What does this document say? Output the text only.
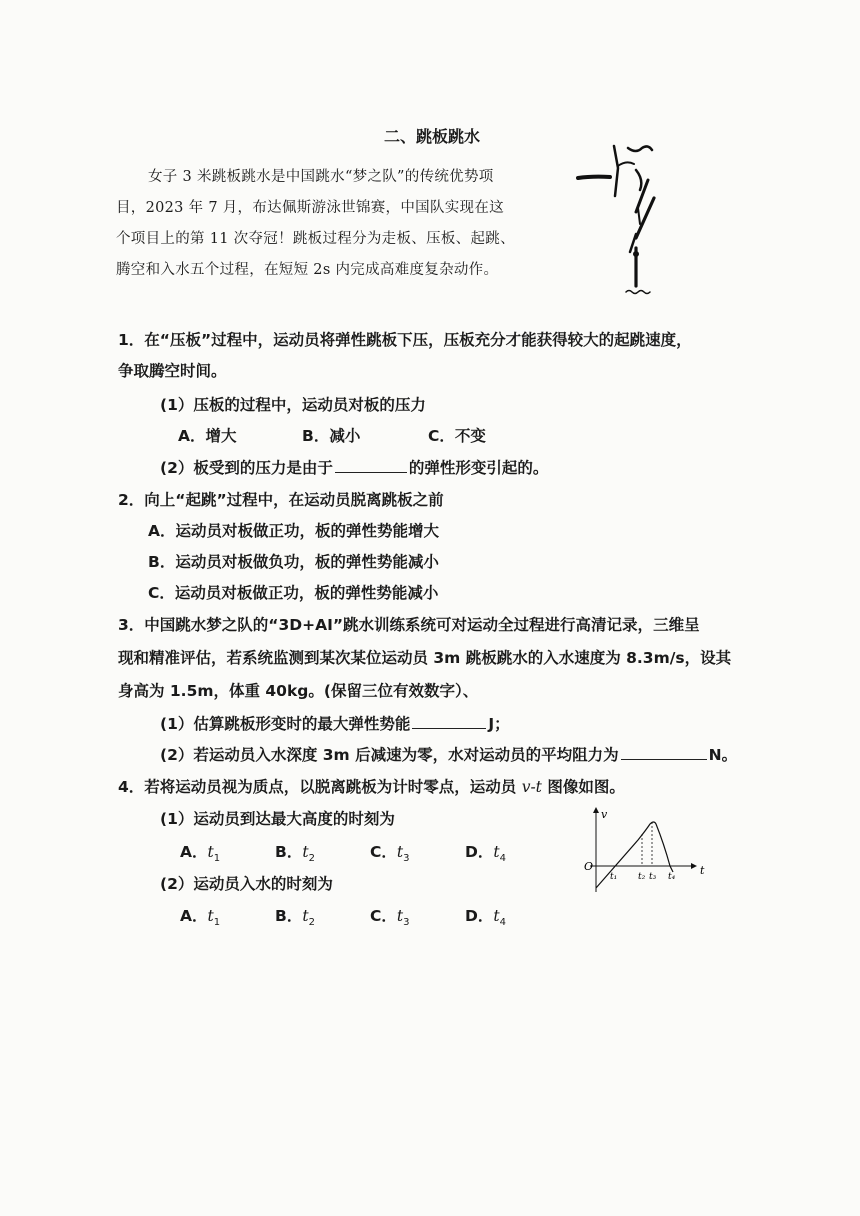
二、跳板跳水
女子 3 米跳板跳水是中国跳水“梦之队”的传统优势项
目，2023 年 7 月，布达佩斯游泳世锦赛，中国队实现在这
个项目上的第 11 次夺冠！跳板过程分为走板、压板、起跳、
腾空和入水五个过程，在短短 2s 内完成高难度复杂动作。
1．在“压板”过程中，运动员将弹性跳板下压，压板充分才能获得较大的起跳速度，
争取腾空时间。
(1）压板的过程中，运动员对板的压力
A．增大	B．减小	C．不变
(2）板受到的压力是由于	的弹性形变引起的。
2．向上“起跳”过程中，在运动员脱离跳板之前
A．运动员对板做正功，板的弹性势能增大
B．运动员对板做负功，板的弹性势能减小
C．运动员对板做正功，板的弹性势能减小
3．中国跳水梦之队的“3D+AI”跳水训练系统可对运动全过程进行高清记录，三维呈
现和精准评估，若系统监测到某次某位运动员 3m 跳板跳水的入水速度为 8.3m/s，设其
身高为 1.5m，体重 40kg。(保留三位有效数字）、
(1）估算跳板形变时的最大弹性势能	J；
(2）若运动员入水深度 3m 后减速为零，水对运动员的平均阻力为	N。
4．若将运动员视为质点，以脱离跳板为计时零点，运动员 v-t 图像如图。
(1）运动员到达最大高度的时刻为
A．$t_1$	B．$t_2$	C．$t_3$	D．$t_4$
(2）运动员入水的时刻为
A．$t_1$	B．$t_2$	C．$t_3$	D．$t_4$
v
t
O
t₁ t₂ t₃ t₄
